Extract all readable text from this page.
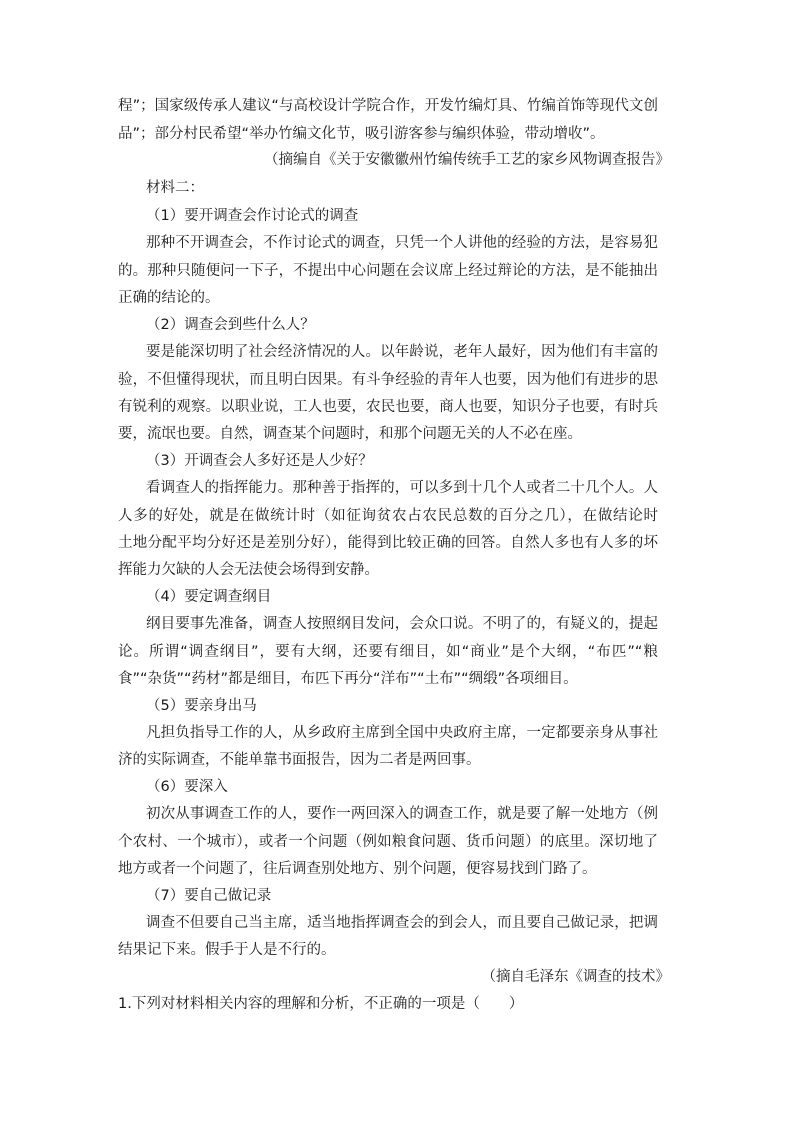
程”；国家级传承人建议“与高校设计学院合作，开发竹编灯具、竹编首饰等现代文创
品”；部分村民希望“举办竹编文化节，吸引游客参与编织体验，带动增收”。
（摘编自《关于安徽徽州竹编传统手工艺的家乡风物调查报告》
材料二：
（1）要开调查会作讨论式的调查
那种不开调查会，不作讨论式的调查，只凭一个人讲他的经验的方法，是容易犯
的。那种只随便问一下子，不提出中心问题在会议席上经过辩论的方法，是不能抽出
正确的结论的。
（2）调查会到些什么人？
要是能深切明了社会经济情况的人。以年龄说，老年人最好，因为他们有丰富的
验，不但懂得现状，而且明白因果。有斗争经验的青年人也要，因为他们有进步的思
有锐利的观察。以职业说，工人也要，农民也要，商人也要，知识分子也要，有时兵
要，流氓也要。自然，调查某个问题时，和那个问题无关的人不必在座。
（3）开调查会人多好还是人少好？
看调查人的指挥能力。那种善于指挥的，可以多到十几个人或者二十几个人。人
人多的好处，就是在做统计时（如征询贫农占农民总数的百分之几），在做结论时
土地分配平均分好还是差别分好），能得到比较正确的回答。自然人多也有人多的坏
挥能力欠缺的人会无法使会场得到安静。
（4）要定调查纲目
纲目要事先准备，调查人按照纲目发问，会众口说。不明了的，有疑义的，提起
论。所谓“调查纲目”，要有大纲，还要有细目，如“商业”是个大纲，“布匹”“粮
食”“杂货”“药材”都是细目，布匹下再分“洋布”“土布”“绸缎”各项细目。
（5）要亲身出马
凡担负指导工作的人，从乡政府主席到全国中央政府主席，一定都要亲身从事社
济的实际调查，不能单靠书面报告，因为二者是两回事。
（6）要深入
初次从事调查工作的人，要作一两回深入的调查工作，就是要了解一处地方（例
个农村、一个城市），或者一个问题（例如粮食问题、货币问题）的底里。深切地了
地方或者一个问题了，往后调查别处地方、别个问题，便容易找到门路了。
（7）要自己做记录
调查不但要自己当主席，适当地指挥调查会的到会人，而且要自己做记录，把调
结果记下来。假手于人是不行的。
（摘自毛泽东《调查的技术》
1.下列对材料相关内容的理解和分析，不正确的一项是（　　）
